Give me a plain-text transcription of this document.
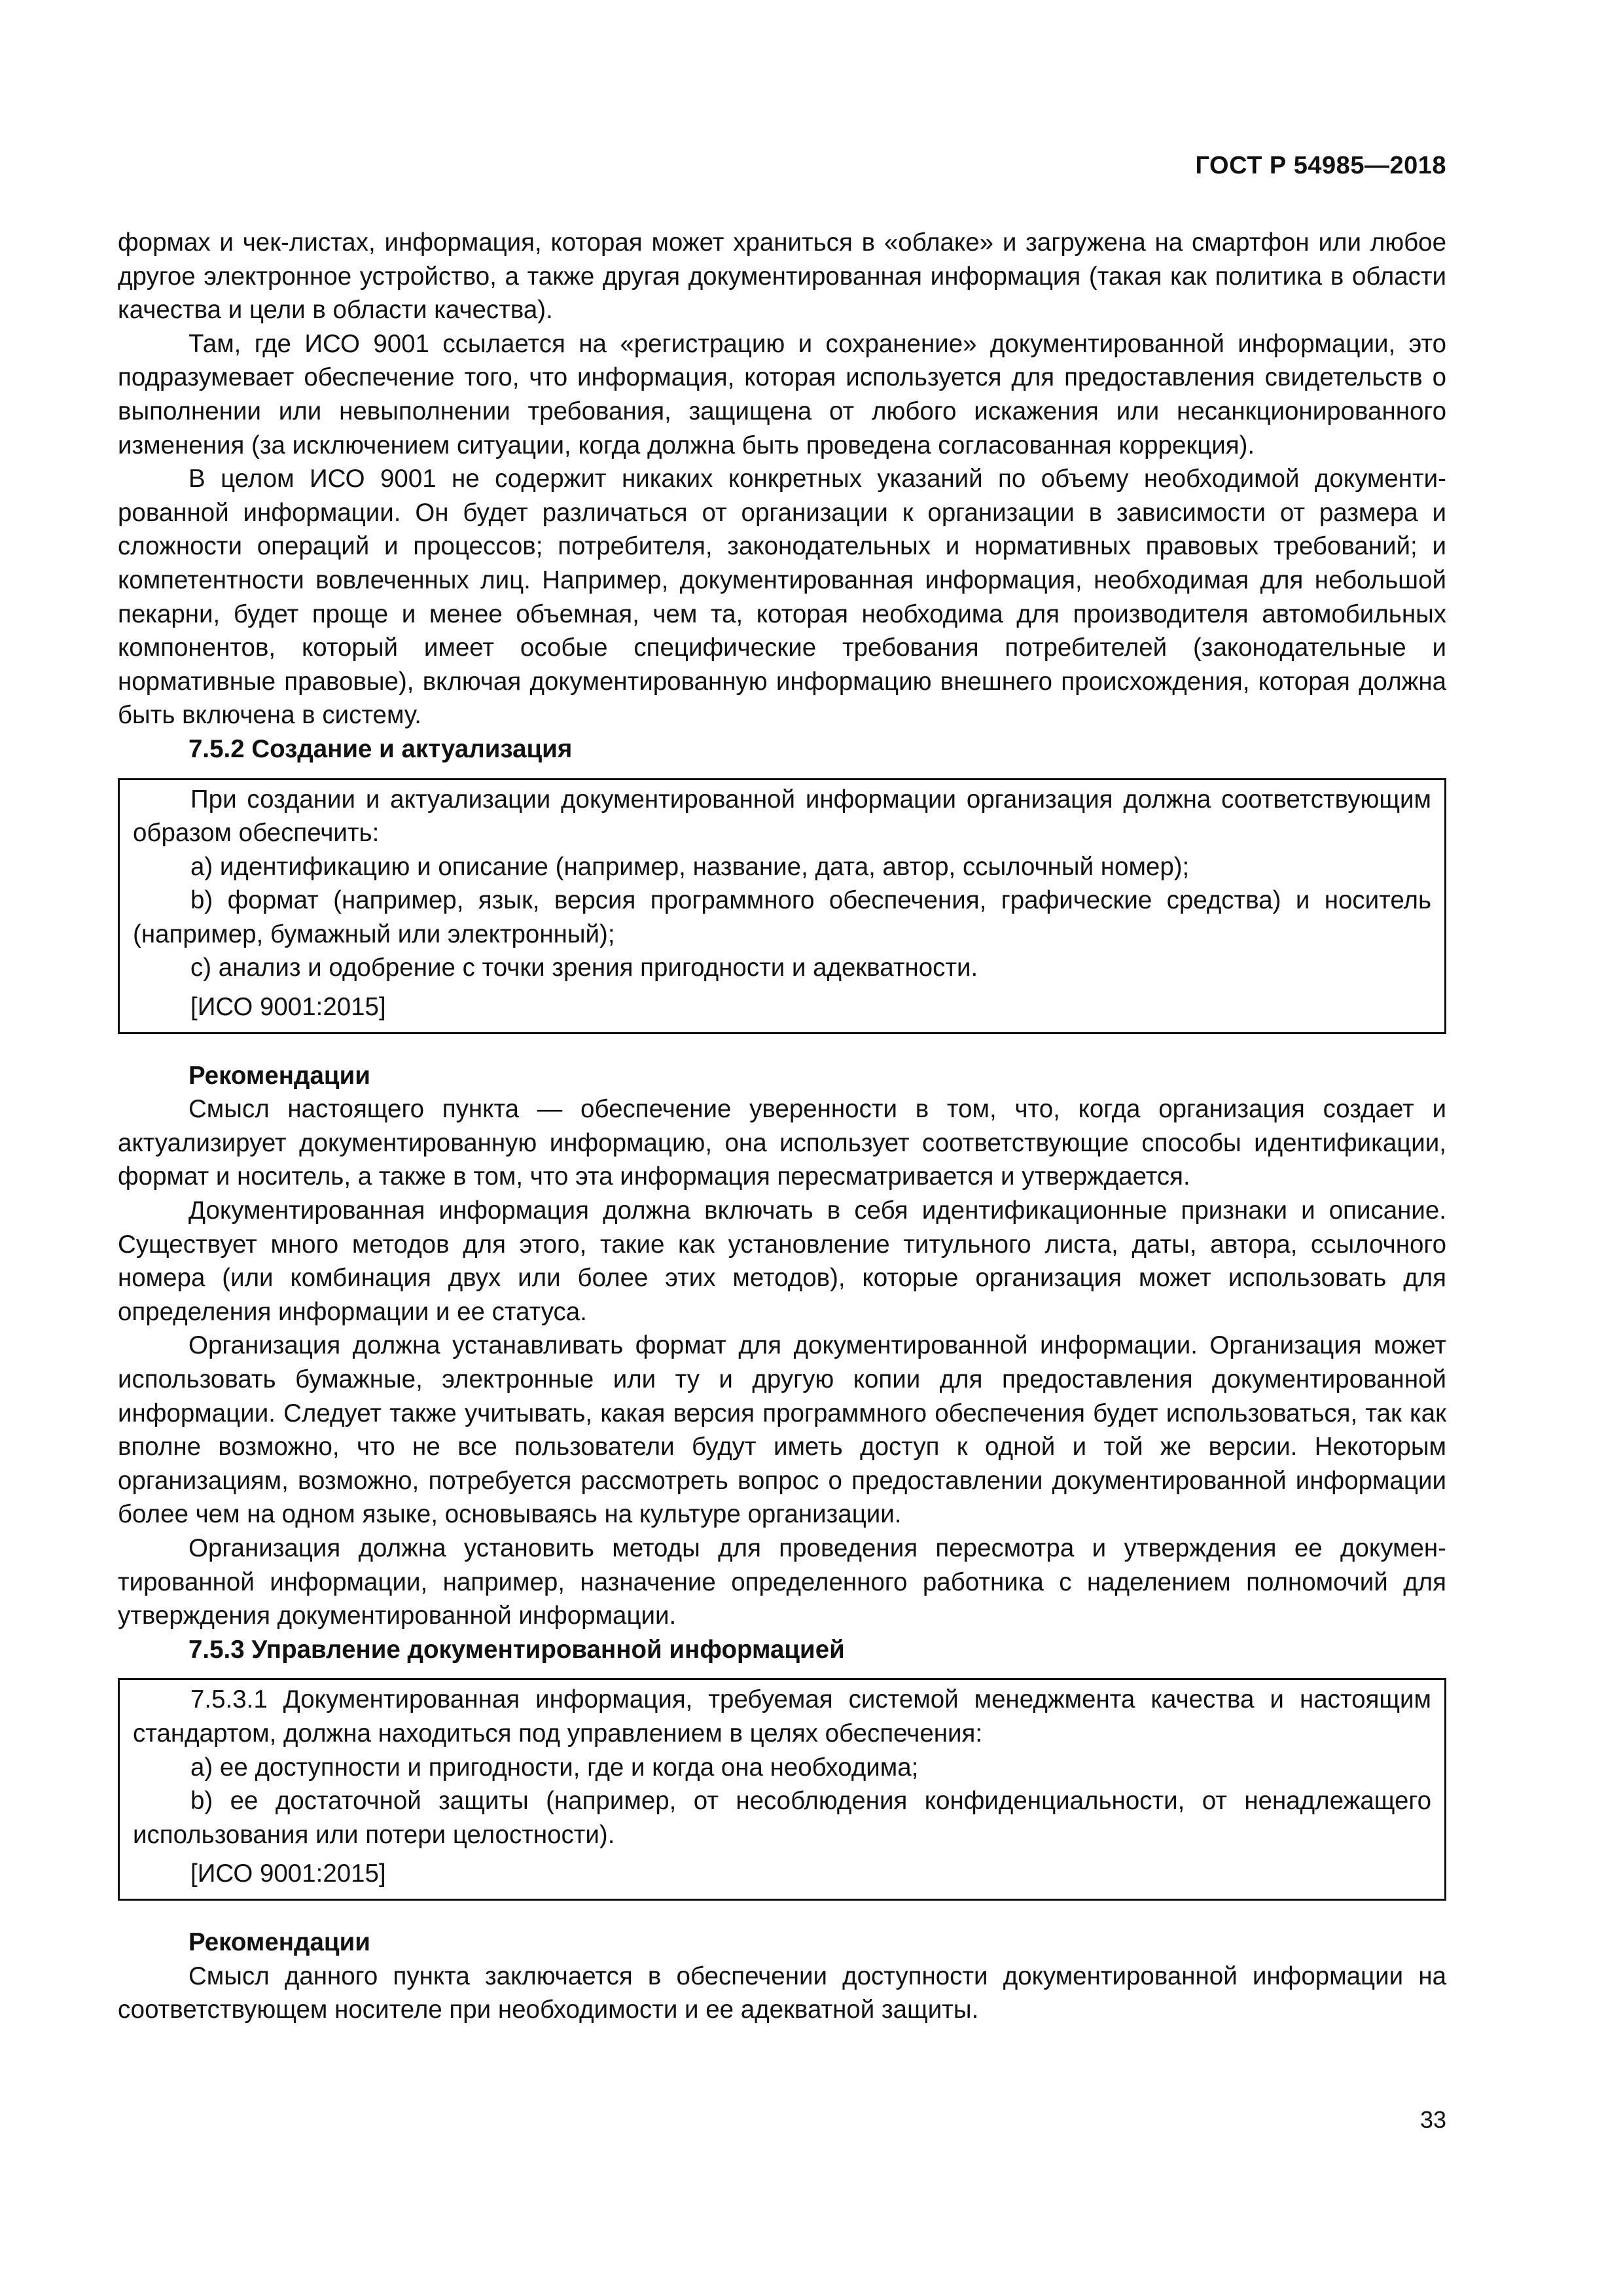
ГОСТ Р 54985—2018

формах и чек-листах, информация, которая может храниться в «облаке» и загружена на смартфон или любое другое электронное устройство, а также другая документированная информация (такая как политика в области качества и цели в области качества).

Там, где ИСО 9001 ссылается на «регистрацию и сохранение» документированной информации, это подразумевает обеспечение того, что информация, которая используется для предоставления свидетельств о выполнении или невыполнении требования, защищена от любого искажения или несанкционированного изменения (за исключением ситуации, когда должна быть проведена согласованная коррекция).

В целом ИСО 9001 не содержит никаких конкретных указаний по объему необходимой документированной информации. Он будет различаться от организации к организации в зависимости от размера и сложности операций и процессов; потребителя, законодательных и нормативных правовых требований; и компетентности вовлеченных лиц. Например, документированная информация, необходимая для небольшой пекарни, будет проще и менее объемная, чем та, которая необходима для производителя автомобильных компонентов, который имеет особые специфические требования потребителей (законодательные и нормативные правовые), включая документированную информацию внешнего происхождения, которая должна быть включена в систему.

7.5.2 Создание и актуализация

При создании и актуализации документированной информации организация должна соответствующим образом обеспечить:

a) идентификацию и описание (например, название, дата, автор, ссылочный номер);

b) формат (например, язык, версия программного обеспечения, графические средства) и носитель (например, бумажный или электронный);

c) анализ и одобрение с точки зрения пригодности и адекватности.

[ИСО 9001:2015]

Рекомендации

Смысл настоящего пункта — обеспечение уверенности в том, что, когда организация создает и актуализирует документированную информацию, она использует соответствующие способы идентификации, формат и носитель, а также в том, что эта информация пересматривается и утверждается.

Документированная информация должна включать в себя идентификационные признаки и описание. Существует много методов для этого, такие как установление титульного листа, даты, автора, ссылочного номера (или комбинация двух или более этих методов), которые организация может использовать для определения информации и ее статуса.

Организация должна устанавливать формат для документированной информации. Организация может использовать бумажные, электронные или ту и другую копии для предоставления документированной информации. Следует также учитывать, какая версия программного обеспечения будет использоваться, так как вполне возможно, что не все пользователи будут иметь доступ к одной и той же версии. Некоторым организациям, возможно, потребуется рассмотреть вопрос о предоставлении документированной информации более чем на одном языке, основываясь на культуре организации.

Организация должна установить методы для проведения пересмотра и утверждения ее документированной информации, например, назначение определенного работника с наделением полномочий для утверждения документированной информации.

7.5.3 Управление документированной информацией

7.5.3.1 Документированная информация, требуемая системой менеджмента качества и настоящим стандартом, должна находиться под управлением в целях обеспечения:

a) ее доступности и пригодности, где и когда она необходима;

b) ее достаточной защиты (например, от несоблюдения конфиденциальности, от ненадлежащего использования или потери целостности).

[ИСО 9001:2015]

Рекомендации

Смысл данного пункта заключается в обеспечении доступности документированной информации на соответствующем носителе при необходимости и ее адекватной защиты.

33
